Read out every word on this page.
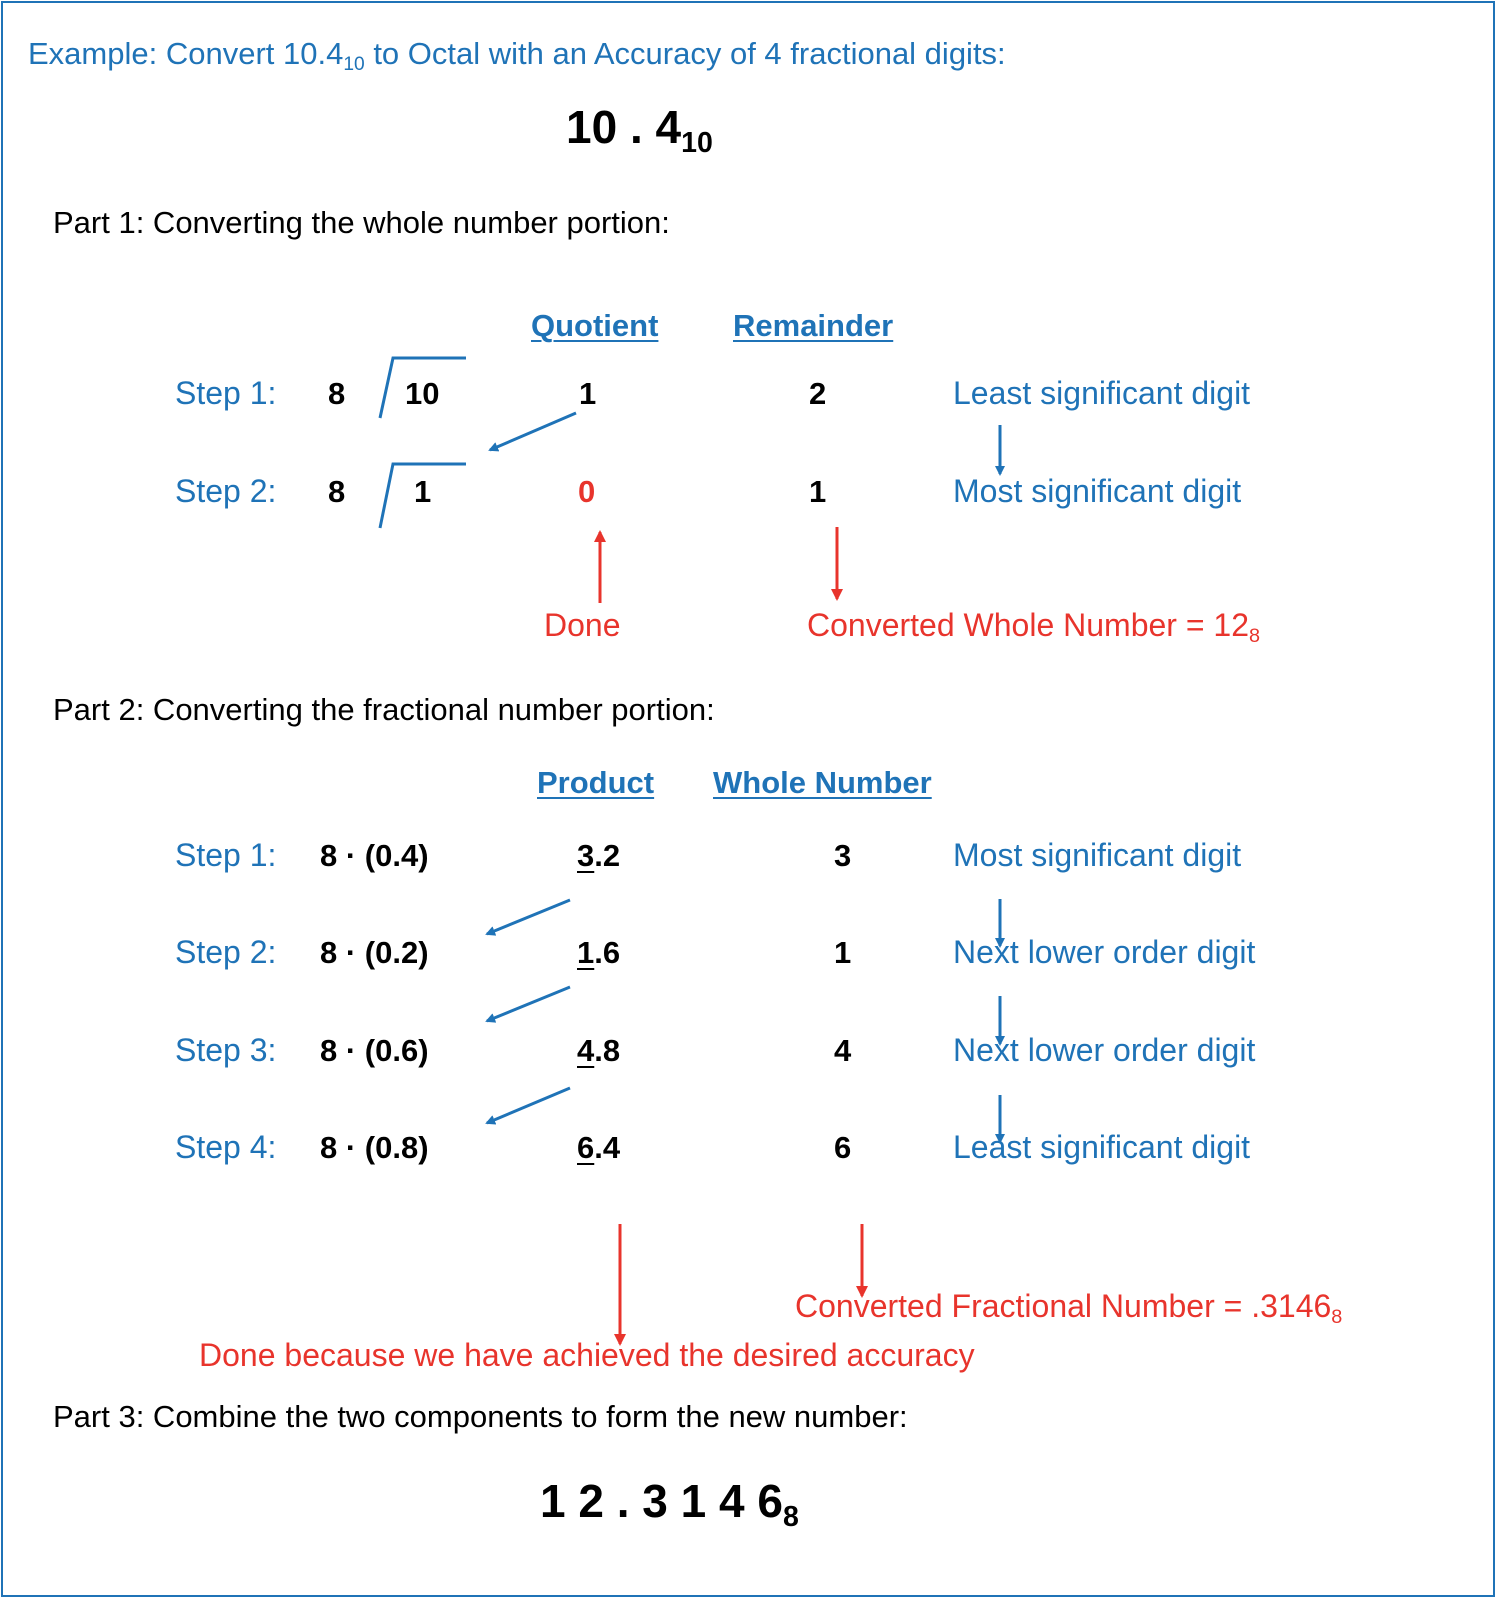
Example: Convert 10.410 to Octal with an Accuracy of 4 fractional digits:
10 . 410
Part 1: Converting the whole number portion:
Quotient Remainder
Step 1: 8 10	1	2	Least significant digit
Step 2: 8 1	0	1	Most significant digit
Done	Converted Whole Number = 128
Part 2: Converting the fractional number portion:
Product Whole Number
Step 1: 8 · (0.4)	3.2	3	Most significant digit
Step 2: 8 · (0.2)	1.6	1	Next lower order digit
Step 3: 8 · (0.6)	4.8	4	Next lower order digit
Step 4: 8 · (0.8)	6.4	6	Least significant digit
Converted Fractional Number = .31468
Done because we have achieved the desired accuracy
Part 3: Combine the two components to form the new number:
1 2 . 3 1 4 68
